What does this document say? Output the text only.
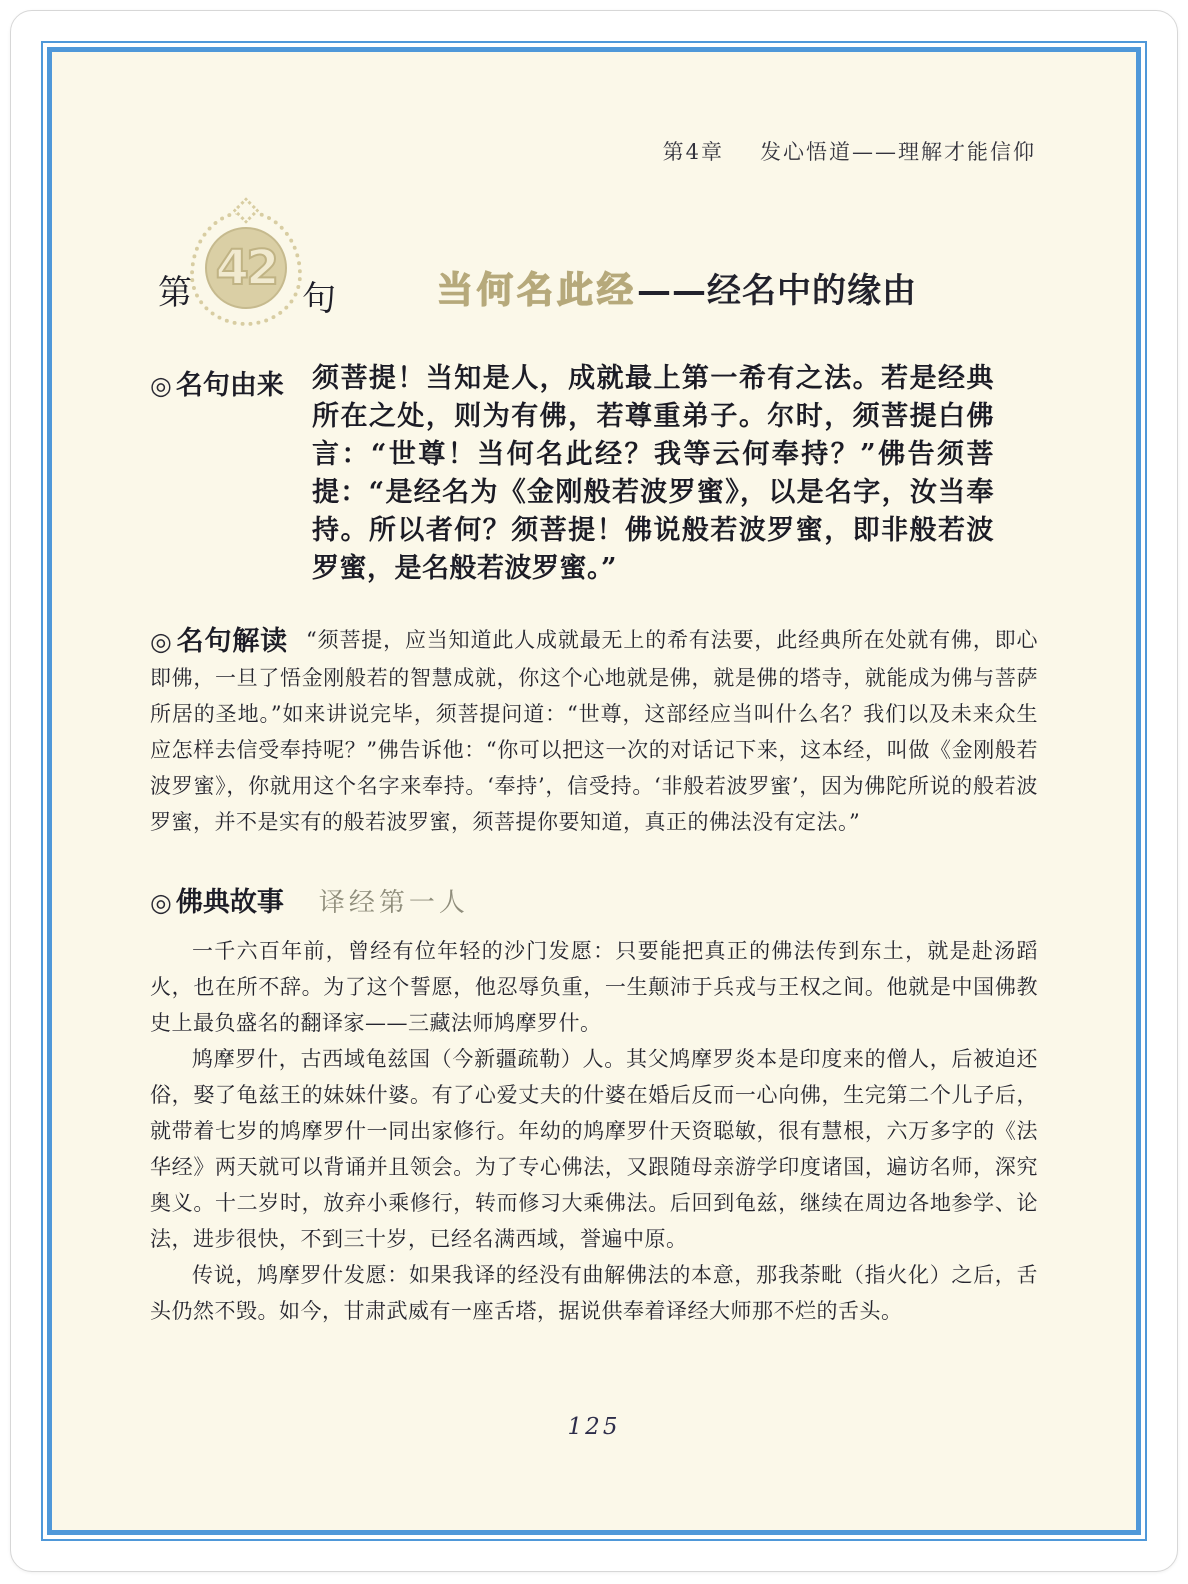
第4章 发心悟道——理解才能信仰
第 42
句	当何名此经——经名中的缘由
◎ 名句由来	须菩提！当知是人，成就最上第一希有之法。若是经典所在之处，则为有佛，若尊重弟子。尔时，须菩提白佛言：“世尊！当何名此经？我等云何奉持？”佛告须菩提：“是经名为《金刚般若波罗蜜》，以是名字，汝当奉持。所以者何？须菩提！佛说般若波罗蜜，即非般若波罗蜜，是名般若波罗蜜。”

◎ 名句解读 “须菩提，应当知道此人成就最无上的希有法要，此经典所在处就有佛，即心即佛，一旦了悟金刚般若的智慧成就，你这个心地就是佛，就是佛的塔寺，就能成为佛与菩萨所居的圣地。”如来讲说完毕，须菩提问道：“世尊，这部经应当叫什么名？我们以及未来众生应怎样去信受奉持呢？”佛告诉他：“你可以把这一次的对话记下来，这本经，叫做《金刚般若波罗蜜》，你就用这个名字来奉持。‘奉持’，信受持。‘非般若波罗蜜’，因为佛陀所说的般若波罗蜜，并不是实有的般若波罗蜜，须菩提你要知道，真正的佛法没有定法。”

◎ 佛典故事 译经第一人

一千六百年前，曾经有位年轻的沙门发愿：只要能把真正的佛法传到东土，就是赴汤蹈火，也在所不辞。为了这个誓愿，他忍辱负重，一生颠沛于兵戎与王权之间。他就是中国佛教史上最负盛名的翻译家——三藏法师鸠摩罗什。

鸠摩罗什，古西域龟兹国（今新疆疏勒）人。其父鸠摩罗炎本是印度来的僧人，后被迫还俗，娶了龟兹王的妹妹什婆。有了心爱丈夫的什婆在婚后反而一心向佛，生完第二个儿子后，就带着七岁的鸠摩罗什一同出家修行。年幼的鸠摩罗什天资聪敏，很有慧根，六万多字的《法华经》两天就可以背诵并且领会。为了专心佛法，又跟随母亲游学印度诸国，遍访名师，深究奥义。十二岁时，放弃小乘修行，转而修习大乘佛法。后回到龟兹，继续在周边各地参学、论法，进步很快，不到三十岁，已经名满西域，誉遍中原。

传说，鸠摩罗什发愿：如果我译的经没有曲解佛法的本意，那我荼毗（指火化）之后，舌头仍然不毁。如今，甘肃武威有一座舌塔，据说供奉着译经大师那不烂的舌头。

125
